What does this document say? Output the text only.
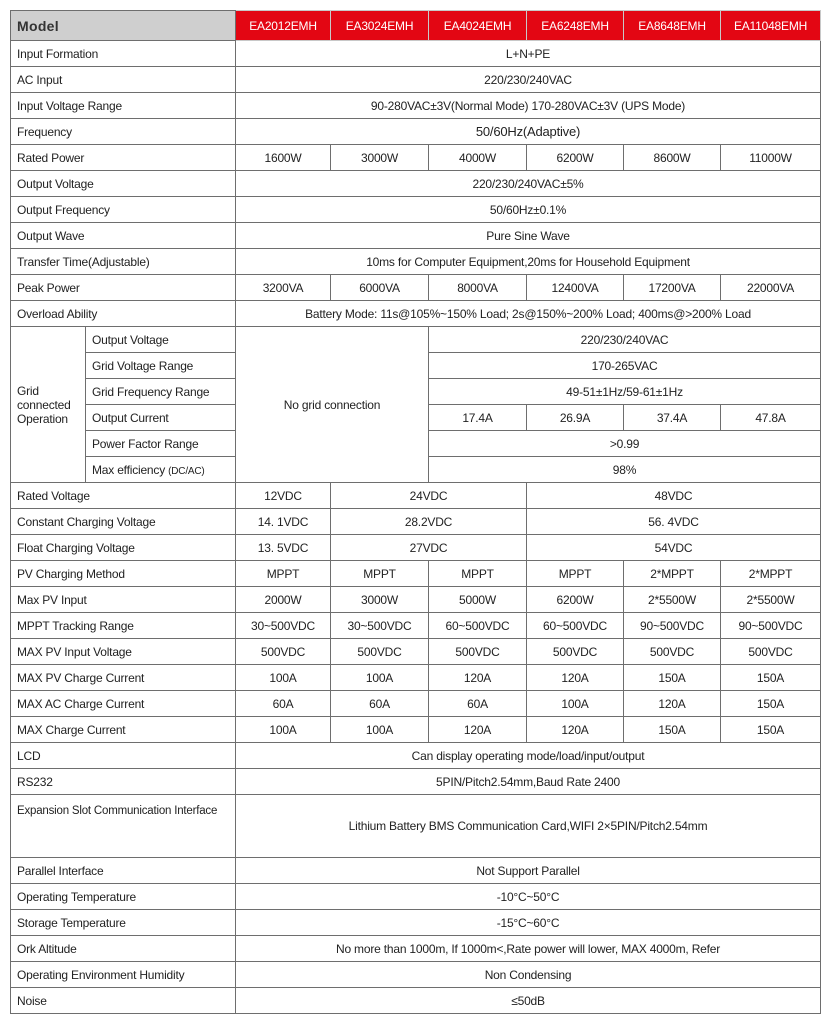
Model		EA2012EMH	EA3024EMH	EA4024EMH	EA6248EMH	EA8648EMH	EA11048EMH
Input Formation		L+N+PE					
AC Input		220/230/240VAC					
Input Voltage Range		90-280VAC±3V(Normal Mode) 170-280VAC±3V (UPS Mode)					
Frequency		50/60Hz(Adaptive)					
Rated Power		1600W	3000W	4000W	6200W	8600W	11000W
Output Voltage		220/230/240VAC±5%					
Output Frequency		50/60Hz±0.1%					
Output Wave		Pure Sine Wave					
Transfer Time(Adjustable)		10ms for Computer Equipment,20ms for Household Equipment					
Peak Power		3200VA	6000VA	8000VA	12400VA	17200VA	22000VA
Overload Ability		Battery Mode: 11s@105%~150% Load; 2s@150%~200% Load; 400ms@>200% Load					
Grid connected Operation	Output Voltage	No grid connection		220/230/240VAC			
	Grid Voltage Range			170-265VAC			
	Grid Frequency Range			49-51±1Hz/59-61±1Hz			
	Output Current			17.4A	26.9A	37.4A	47.8A
	Power Factor Range			>0.99			
	Max efficiency (DC/AC)			98%			
Rated Voltage		12VDC	24VDC		48VDC		
Constant Charging Voltage		14. 1VDC	28.2VDC		56. 4VDC		
Float Charging Voltage		13. 5VDC	27VDC		54VDC		
PV Charging Method		MPPT	MPPT	MPPT	MPPT	2*MPPT	2*MPPT
Max PV Input		2000W	3000W	5000W	6200W	2*5500W	2*5500W
MPPT Tracking Range		30~500VDC	30~500VDC	60~500VDC	60~500VDC	90~500VDC	90~500VDC
MAX PV Input Voltage		500VDC	500VDC	500VDC	500VDC	500VDC	500VDC
MAX PV Charge Current		100A	100A	120A	120A	150A	150A
MAX AC Charge Current		60A	60A	60A	100A	120A	150A
MAX Charge Current		100A	100A	120A	120A	150A	150A
LCD		Can display operating mode/load/input/output					
RS232		5PIN/Pitch2.54mm,Baud Rate 2400					
Expansion Slot Communication Interface		Lithium Battery BMS Communication Card,WIFI 2×5PIN/Pitch2.54mm					
Parallel Interface		Not Support Parallel					
Operating Temperature		-10°C~50°C					
Storage Temperature		-15°C~60°C					
Ork Altitude		No more than 1000m, If 1000m<,Rate power will lower, MAX 4000m, Refer					
Operating Environment Humidity		Non Condensing					
Noise		≤50dB					
